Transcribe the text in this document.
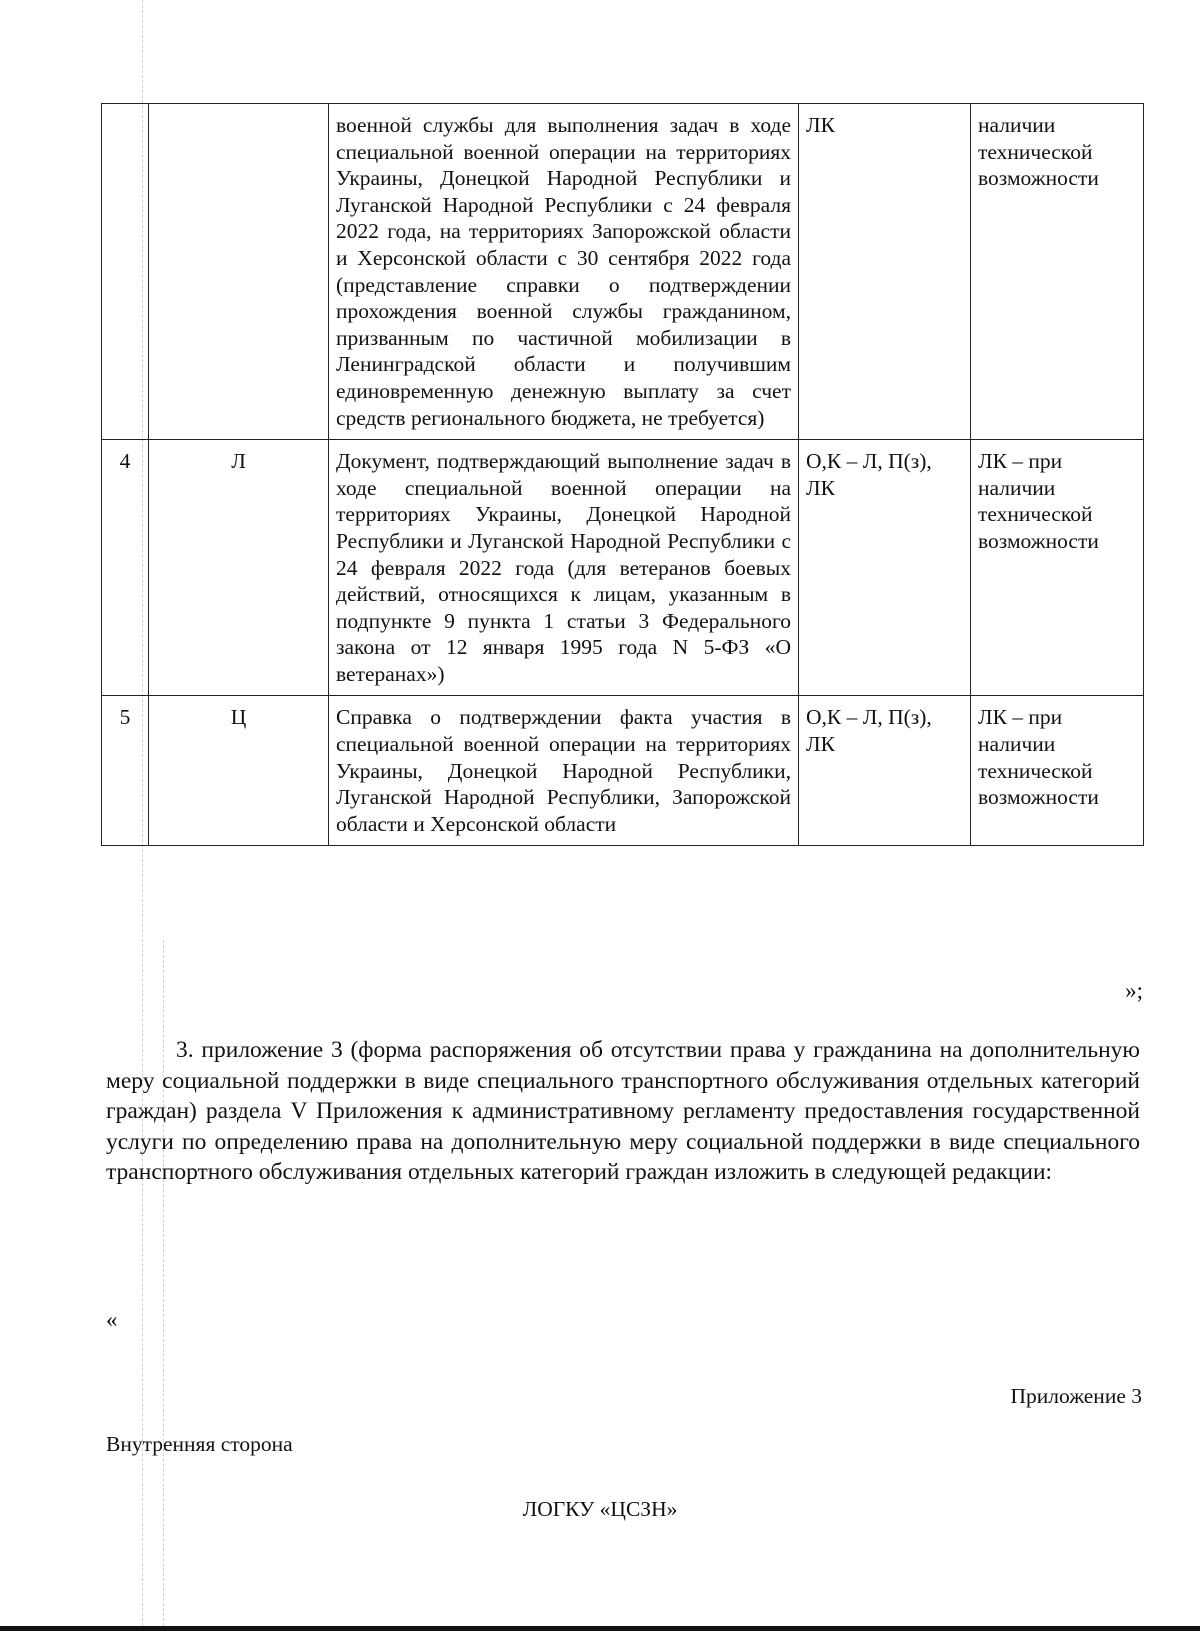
		военной службы для выполнения задач в ходе специальной военной операции на территориях Украины, Донецкой Народной Республики и Луганской Народной Республики с 24 февраля 2022 года, на территориях Запорожской области и Херсонской области с 30 сентября 2022 года (представление справки о подтверждении прохождения военной службы гражданином, призванным по частичной мобилизации в Ленинградской области и получившим единовременную денежную выплату за счет средств регионального бюджета, не требуется)	ЛК	наличии технической возможности
4	Л	Документ, подтверждающий выполнение задач в ходе специальной военной операции на территориях Украины, Донецкой Народной Республики и Луганской Народной Республики с 24 февраля 2022 года (для ветеранов боевых действий, относящихся к лицам, указанным в подпункте 9 пункта 1 статьи 3 Федерального закона от 12 января 1995 года N 5-ФЗ «О ветеранах»)	О,К – Л, П(з), ЛК	ЛК – при наличии технической возможности
5	Ц	Справка о подтверждении факта участия в специальной военной операции на территориях Украины, Донецкой Народной Республики, Луганской Народной Республики, Запорожской области и Херсонской области	О,К – Л, П(з), ЛК	ЛК – при наличии технической возможности
»;

3. приложение 3 (форма распоряжения об отсутствии права у гражданина на дополнительную меру социальной поддержки в виде специального транспортного обслуживания отдельных категорий граждан) раздела V Приложения к административному регламенту предоставления государственной услуги по определению права на дополнительную меру социальной поддержки в виде специального транспортного обслуживания отдельных категорий граждан изложить в следующей редакции:

«
Приложение 3
Внутренняя сторона
ЛОГКУ «ЦСЗН»
